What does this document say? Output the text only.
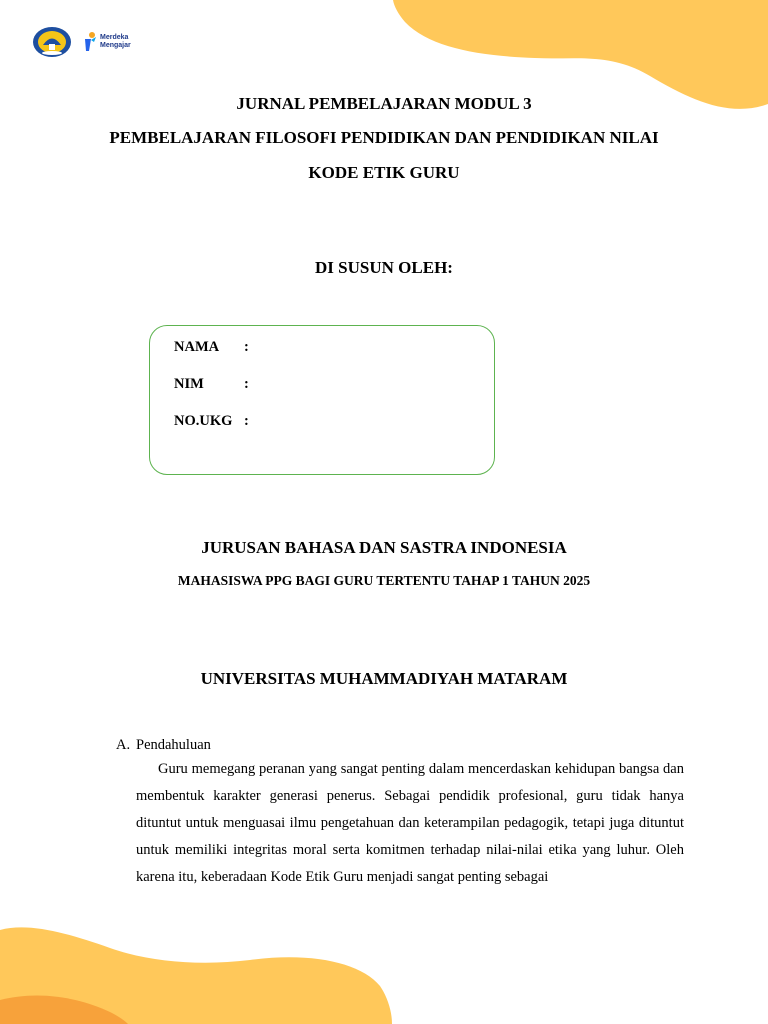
Merdeka
Mengajar
JURNAL PEMBELAJARAN MODUL 3
PEMBELAJARAN FILOSOFI PENDIDIKAN DAN PENDIDIKAN NILAI
KODE ETIK GURU
DI SUSUN OLEH:
NAMA :
NIM	:
NO.UKG :
JURUSAN BAHASA DAN SASTRA INDONESIA
MAHASISWA PPG BAGI GURU TERTENTU TAHAP 1 TAHUN 2025
UNIVERSITAS MUHAMMADIYAH MATARAM
A. Pendahuluan

Guru memegang peranan yang sangat penting dalam mencerdaskan kehidupan bangsa dan membentuk karakter generasi penerus. Sebagai pendidik profesional, guru tidak hanya dituntut untuk menguasai ilmu pengetahuan dan keterampilan pedagogik, tetapi juga dituntut untuk memiliki integritas moral serta komitmen terhadap nilai-nilai etika yang luhur. Oleh karena itu, keberadaan Kode Etik Guru menjadi sangat penting sebagai
